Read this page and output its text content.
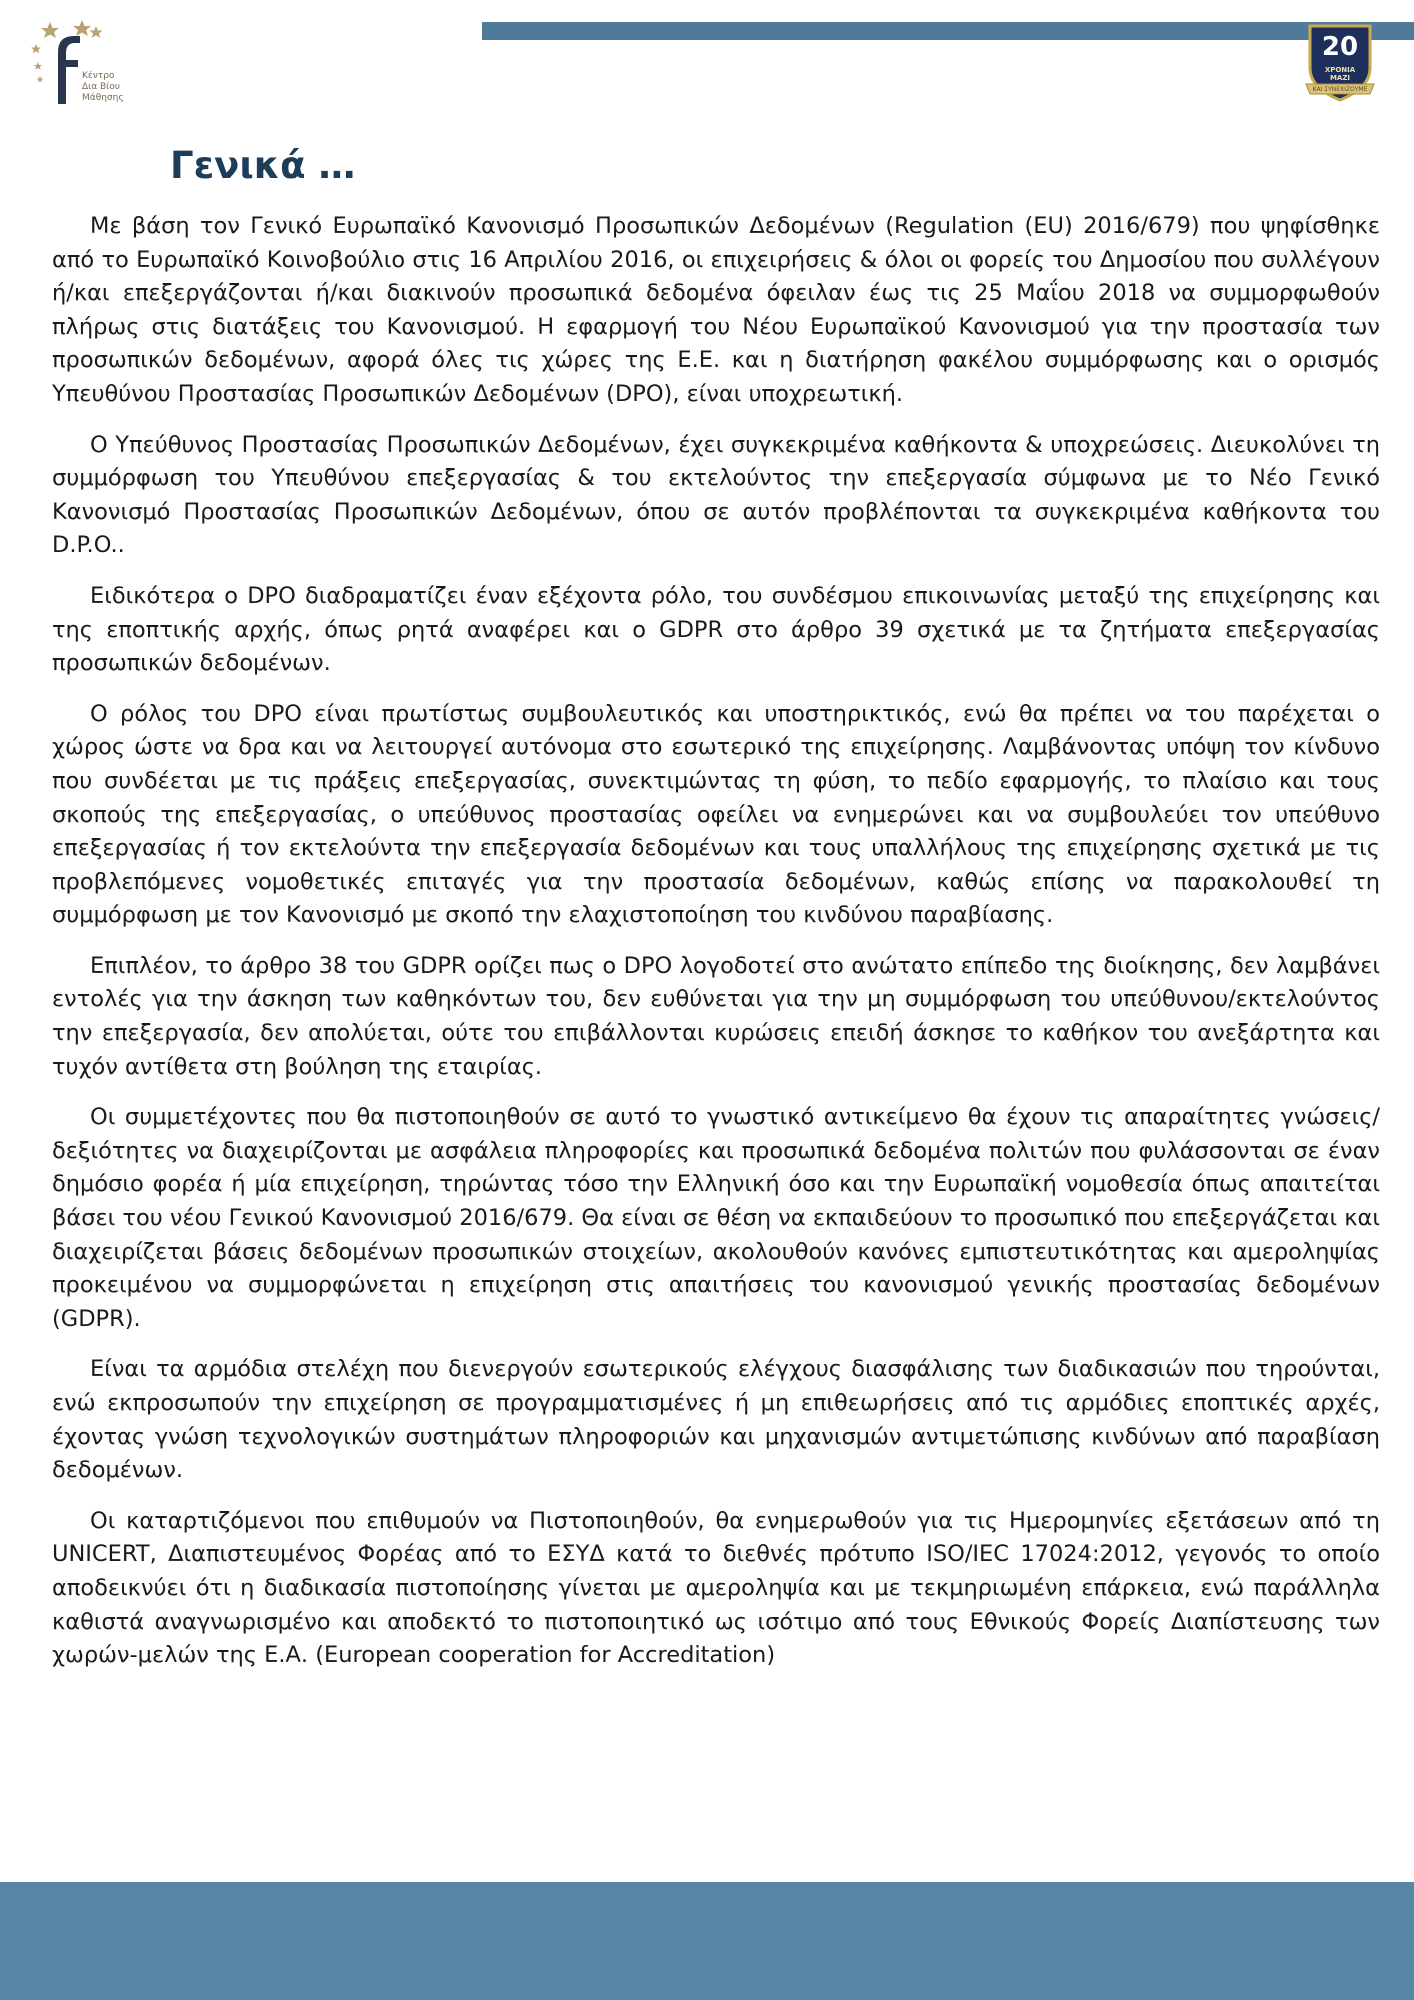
Κέντρο
Δια Βίου
Μάθησης
20
ΧΡΟΝΙΑ
ΜΑΖΙ
ΚΑΙ ΣΥΝΕΧΙΖΟΥΜΕ
Γενικά …

Με βάση τον Γενικό Ευρωπαϊκό Κανονισμό Προσωπικών Δεδομένων (Regulation (EU) 2016/679) που ψηφίσθηκε από το Ευρωπαϊκό Κοινοβούλιο στις 16 Απριλίου 2016, οι επιχειρήσεις & όλοι οι φορείς του Δημοσίου που συλλέγουν ή/και επεξεργάζονται ή/και διακινούν προσωπικά δεδομένα όφειλαν έως τις 25 Μαΐου 2018 να συμμορφωθούν πλήρως στις διατάξεις του Κανονισμού. Η εφαρμογή του Νέου Ευρωπαϊκού Κανονισμού για την προστασία των προσωπικών δεδομένων, αφορά όλες τις χώρες της Ε.Ε. και η διατήρηση φακέλου συμμόρφωσης και ο ορισμός Υπευθύνου Προστασίας Προσωπικών Δεδομένων (DPO), είναι υποχρεωτική.

Ο Υπεύθυνος Προστασίας Προσωπικών Δεδομένων, έχει συγκεκριμένα καθήκοντα & υποχρεώσεις. Διευκολύνει τη συμμόρφωση του Υπευθύνου επεξεργασίας & του εκτελούντος την επεξεργασία σύμφωνα με το Νέο Γενικό Κανονισμό Προστασίας Προσωπικών Δεδομένων, όπου σε αυτόν προβλέπονται τα συγκεκριμένα καθήκοντα του D.P.O..

Ειδικότερα ο DPO διαδραματίζει έναν εξέχοντα ρόλο, του συνδέσμου επικοινωνίας μεταξύ της επιχείρησης και της εποπτικής αρχής, όπως ρητά αναφέρει και ο GDPR στο άρθρο 39 σχετικά με τα ζητήματα επεξεργασίας προσωπικών δεδομένων.

Ο ρόλος του DPO είναι πρωτίστως συμβουλευτικός και υποστηρικτικός, ενώ θα πρέπει να του παρέχεται ο χώρος ώστε να δρα και να λειτουργεί αυτόνομα στο εσωτερικό της επιχείρησης. Λαμβάνοντας υπόψη τον κίνδυνο που συνδέεται με τις πράξεις επεξεργασίας, συνεκτιμώντας τη φύση, το πεδίο εφαρμογής, το πλαίσιο και τους σκοπούς της επεξεργασίας, ο υπεύθυνος προστασίας οφείλει να ενημερώνει και να συμβουλεύει τον υπεύθυνο επεξεργασίας ή τον εκτελούντα την επεξεργασία δεδομένων και τους υπαλλήλους της επιχείρησης σχετικά με τις προβλεπόμενες νομοθετικές επιταγές για την προστασία δεδομένων, καθώς επίσης να παρακολουθεί τη συμμόρφωση με τον Κανονισμό με σκοπό την ελαχιστοποίηση του κινδύνου παραβίασης.

Επιπλέον, το άρθρο 38 του GDPR ορίζει πως ο DPO λογοδοτεί στο ανώτατο επίπεδο της διοίκησης, δεν λαμβάνει εντολές για την άσκηση των καθηκόντων του, δεν ευθύνεται για την μη συμμόρφωση του υπεύθυνου/εκτελούντος την επεξεργασία, δεν απολύεται, ούτε του επιβάλλονται κυρώσεις επειδή άσκησε το καθήκον του ανεξάρτητα και τυχόν αντίθετα στη βούληση της εταιρίας.

Οι συμμετέχοντες που θα πιστοποιηθούν σε αυτό το γνωστικό αντικείμενο θα έχουν τις απαραίτητες γνώσεις/δεξιότητες να διαχειρίζονται με ασφάλεια πληροφορίες και προσωπικά δεδομένα πολιτών που φυλάσσονται σε έναν δημόσιο φορέα ή μία επιχείρηση, τηρώντας τόσο την Ελληνική όσο και την Ευρωπαϊκή νομοθεσία όπως απαιτείται βάσει του νέου Γενικού Κανονισμού 2016/679. Θα είναι σε θέση να εκπαιδεύουν το προσωπικό που επεξεργάζεται και διαχειρίζεται βάσεις δεδομένων προσωπικών στοιχείων, ακολουθούν κανόνες εμπιστευτικότητας και αμεροληψίας προκειμένου να συμμορφώνεται η επιχείρηση στις απαιτήσεις του κανονισμού γενικής προστασίας δεδομένων (GDPR).

Είναι τα αρμόδια στελέχη που διενεργούν εσωτερικούς ελέγχους διασφάλισης των διαδικασιών που τηρούνται, ενώ εκπροσωπούν την επιχείρηση σε προγραμματισμένες ή μη επιθεωρήσεις από τις αρμόδιες εποπτικές αρχές, έχοντας γνώση τεχνολογικών συστημάτων πληροφοριών και μηχανισμών αντιμετώπισης κινδύνων από παραβίαση δεδομένων.

Οι καταρτιζόμενοι που επιθυμούν να Πιστοποιηθούν, θα ενημερωθούν για τις Ημερομηνίες εξετάσεων από τη UNICERT, Διαπιστευμένος Φορέας από το ΕΣΥΔ κατά το διεθνές πρότυπο ISO/IEC 17024:2012, γεγονός το οποίο αποδεικνύει ότι η διαδικασία πιστοποίησης γίνεται με αμεροληψία και με τεκμηριωμένη επάρκεια, ενώ παράλληλα καθιστά αναγνωρισμένο και αποδεκτό το πιστοποιητικό ως ισότιμο από τους Εθνικούς Φορείς Διαπίστευσης των χωρών-μελών της Ε.Α. (European cooperation for Accreditation)
